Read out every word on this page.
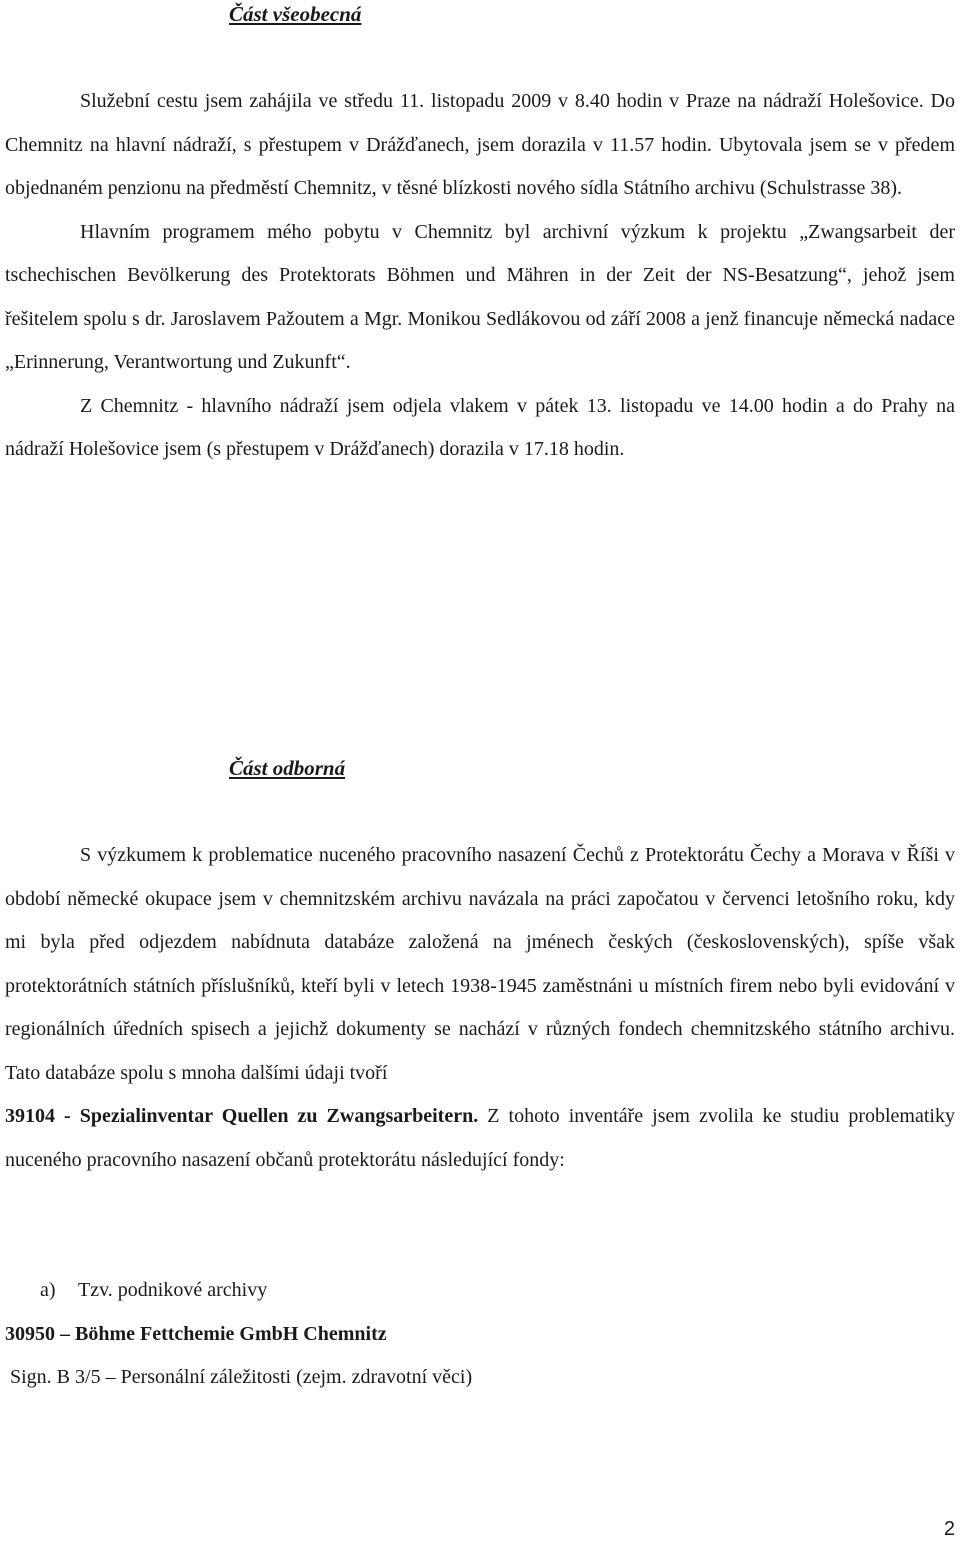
Část všeobecná

Služební cestu jsem zahájila ve středu 11. listopadu 2009 v 8.40 hodin v Praze na nádraží Holešovice. Do Chemnitz na hlavní nádraží, s přestupem v Drážďanech, jsem dorazila v 11.57 hodin. Ubytovala jsem se v předem objednaném penzionu na předměstí Chemnitz, v těsné blízkosti nového sídla Státního archivu (Schulstrasse 38).

Hlavním programem mého pobytu v Chemnitz byl archivní výzkum k projektu „Zwangsarbeit der tschechischen Bevölkerung des Protektorats Böhmen und Mähren in der Zeit der NS-Besatzung“, jehož jsem řešitelem spolu s dr. Jaroslavem Pažoutem a Mgr. Monikou Sedlákovou od září 2008 a jenž financuje německá nadace „Erinnerung, Verantwortung und Zukunft“.

Z Chemnitz - hlavního nádraží jsem odjela vlakem v pátek 13. listopadu ve 14.00 hodin a do Prahy na nádraží Holešovice jsem (s přestupem v Drážďanech) dorazila v 17.18 hodin.

Část odborná

S výzkumem k problematice nuceného pracovního nasazení Čechů z Protektorátu Čechy a Morava v Říši v období německé okupace jsem v chemnitzském archivu navázala na práci započatou v červenci letošního roku, kdy mi byla před odjezdem nabídnuta databáze založená na jménech českých (československých), spíše však protektorátních státních příslušníků, kteří byli v letech 1938-1945 zaměstnáni u místních firem nebo byli evidování v regionálních úředních spisech a jejichž dokumenty se nachází v různých fondech chemnitzského státního archivu. Tato databáze spolu s mnoha dalšími údaji tvoří

39104 - Spezialinventar Quellen zu Zwangsarbeitern. Z tohoto inventáře jsem zvolila ke studiu problematiky nuceného pracovního nasazení občanů protektorátu následující fondy:

a) Tzv. podnikové archivy
30950 – Böhme Fettchemie GmbH Chemnitz
Sign. B 3/5 – Personální záležitosti (zejm. zdravotní věci)
2
